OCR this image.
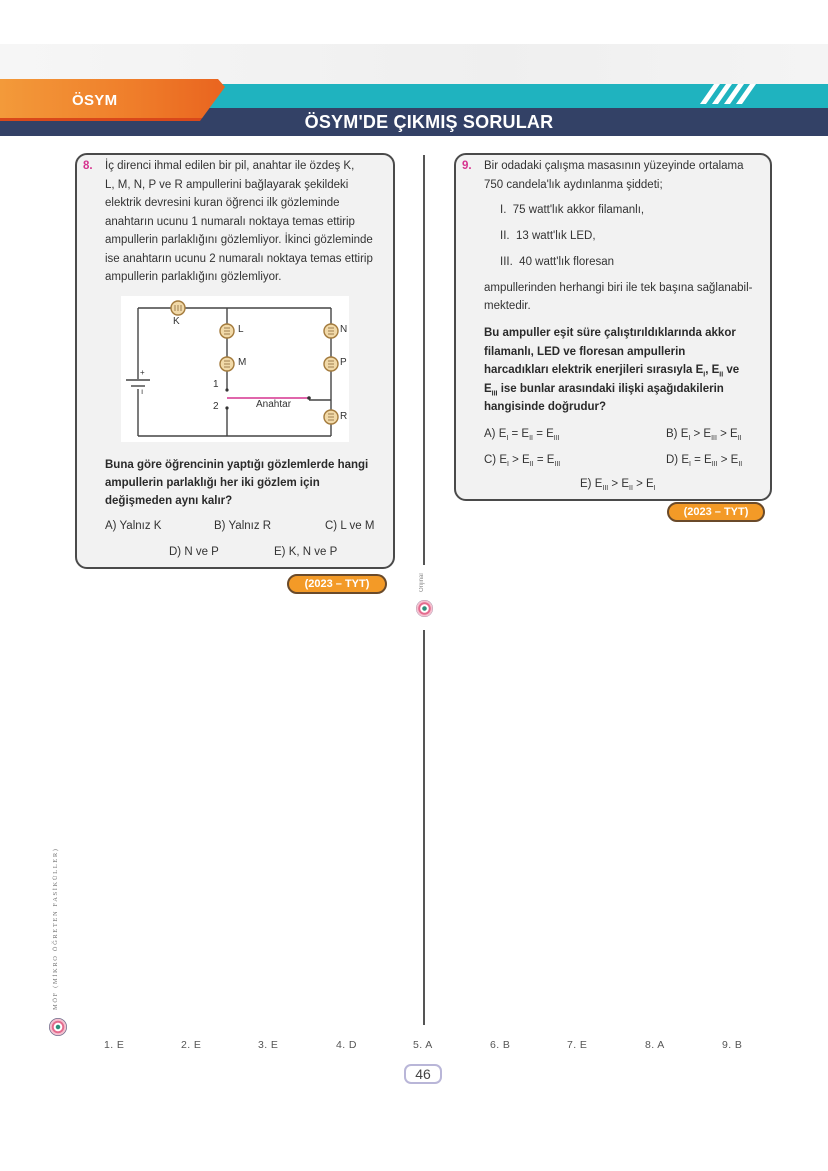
ÖSYM
ÖSYM'DE ÇIKMIŞ SORULAR
Orijinal
8. İç direnci ihmal edilen bir pil, anahtar ile özdeş K,
L, M, N, P ve R ampullerini bağlayarak şekildeki
elektrik devresini kuran öğrenci ilk gözleminde
anahtarın ucunu 1 numaralı noktaya temas ettirip
ampullerin parlaklığını gözlemliyor. İkinci gözleminde
ise anahtarın ucunu 2 numaralı noktaya temas ettirip
ampullerin parlaklığını gözlemliyor.
K
L
M
N
P
R
1
2	Anahtar
+
ı
Buna göre öğrencinin yaptığı gözlemlerde hangi
ampullerin parlaklığı her iki gözlem için
değişmeden aynı kalır?
A) Yalnız K	B) Yalnız R	C) L ve M
D) N ve P	E) K, N ve P
(2023 – TYT)
9. Bir odadaki çalışma masasının yüzeyinde ortalama
750 candela'lık aydınlanma şiddeti;
I. 75 watt'lık akkor filamanlı,
II. 13 watt'lık LED,
III. 40 watt'lık floresan
ampullerinden herhangi biri ile tek başına sağlanabil-
mektedir.
Bu ampuller eşit süre çalıştırıldıklarında akkor
filamanlı, LED ve floresan ampullerin
harcadıkları elektrik enerjileri sırasıyla $E_I$, $E_{II}$ ve
$E_{III}$ ise bunlar arasındaki ilişki aşağıdakilerin
hangisinde doğrudur?
A) $E_I = E_{II} = E_{III}$	B) $E_I > E_{III} > E_{II}$
C) $E_I > E_{II} = E_{III}$	D) $E_I = E_{III} > E_{II}$
E) $E_{III} > E_{II} > E_I$
(2023 – TYT)
MÖF (MİKRO ÖĞRETEN FASİKÜLLER)
1. E	2. E	3. E	4. D	5. A	6. B	7. E	8. A	9. B
46
